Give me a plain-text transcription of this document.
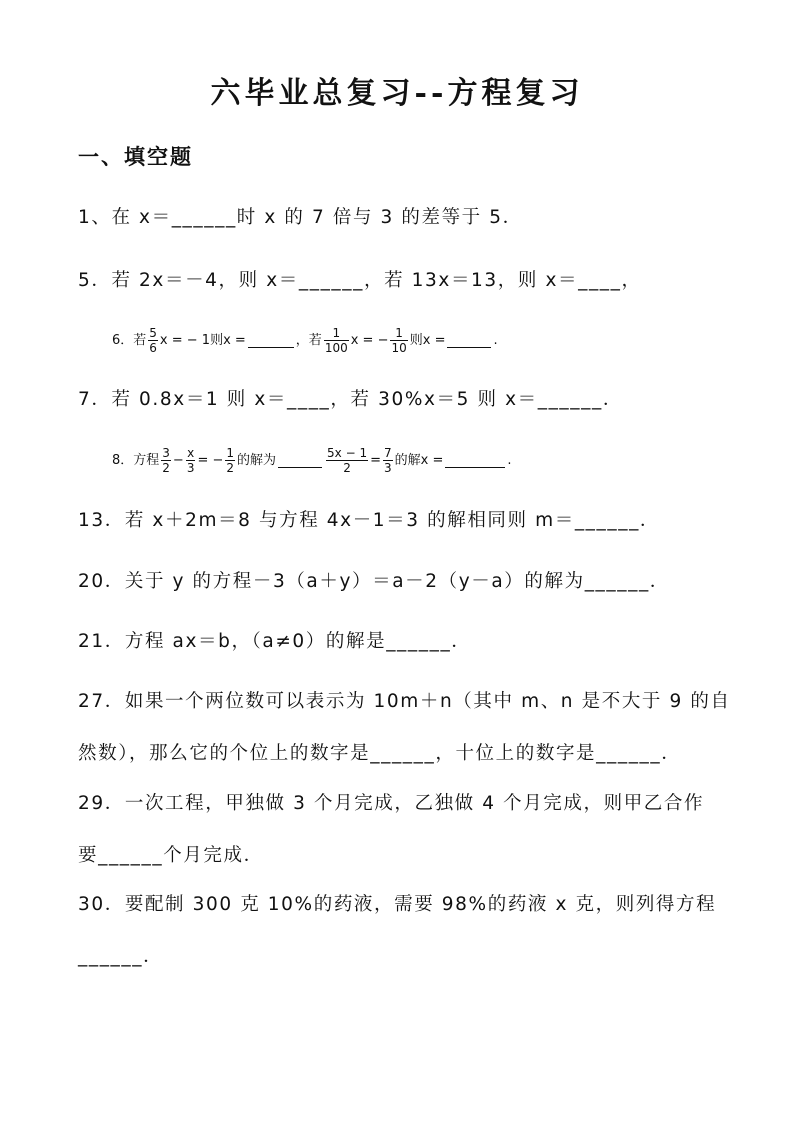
六毕业总复习--方程复习
一、填空题
1、在 x＝______时 x 的 7 倍与 3 的差等于 5．
5．若 2x＝－4，则 x＝______，若 13x＝13，则 x＝____，
6．若 $\frac{5}{6}$ x = − 1则x =	，若 $\frac{1}{100}$ x = − $\frac{1}{10}$ 则x =	.
7．若 0.8x＝1 则 x＝____，若 30%x＝5 则 x＝______．
8．方程 $\frac{3}{2} - \frac{x}{3}$ = − $\frac{1}{2}$ 的解为	$\frac{5x - 1}{2} = \frac{7}{3}$ 的解x =	.
13．若 x＋2m＝8 与方程 4x－1＝3 的解相同则 m＝______．
20．关于 y 的方程－3（a＋y）＝a－2（y－a）的解为______．
21．方程 ax＝b，（a≠0）的解是______．
27．如果一个两位数可以表示为 10m＋n（其中 m、n 是不大于 9 的自
然数），那么它的个位上的数字是______，十位上的数字是______．
29．一次工程，甲独做 3 个月完成，乙独做 4 个月完成，则甲乙合作
要______个月完成．
30．要配制 300 克 10%的药液，需要 98%的药液 x 克，则列得方程
______．
